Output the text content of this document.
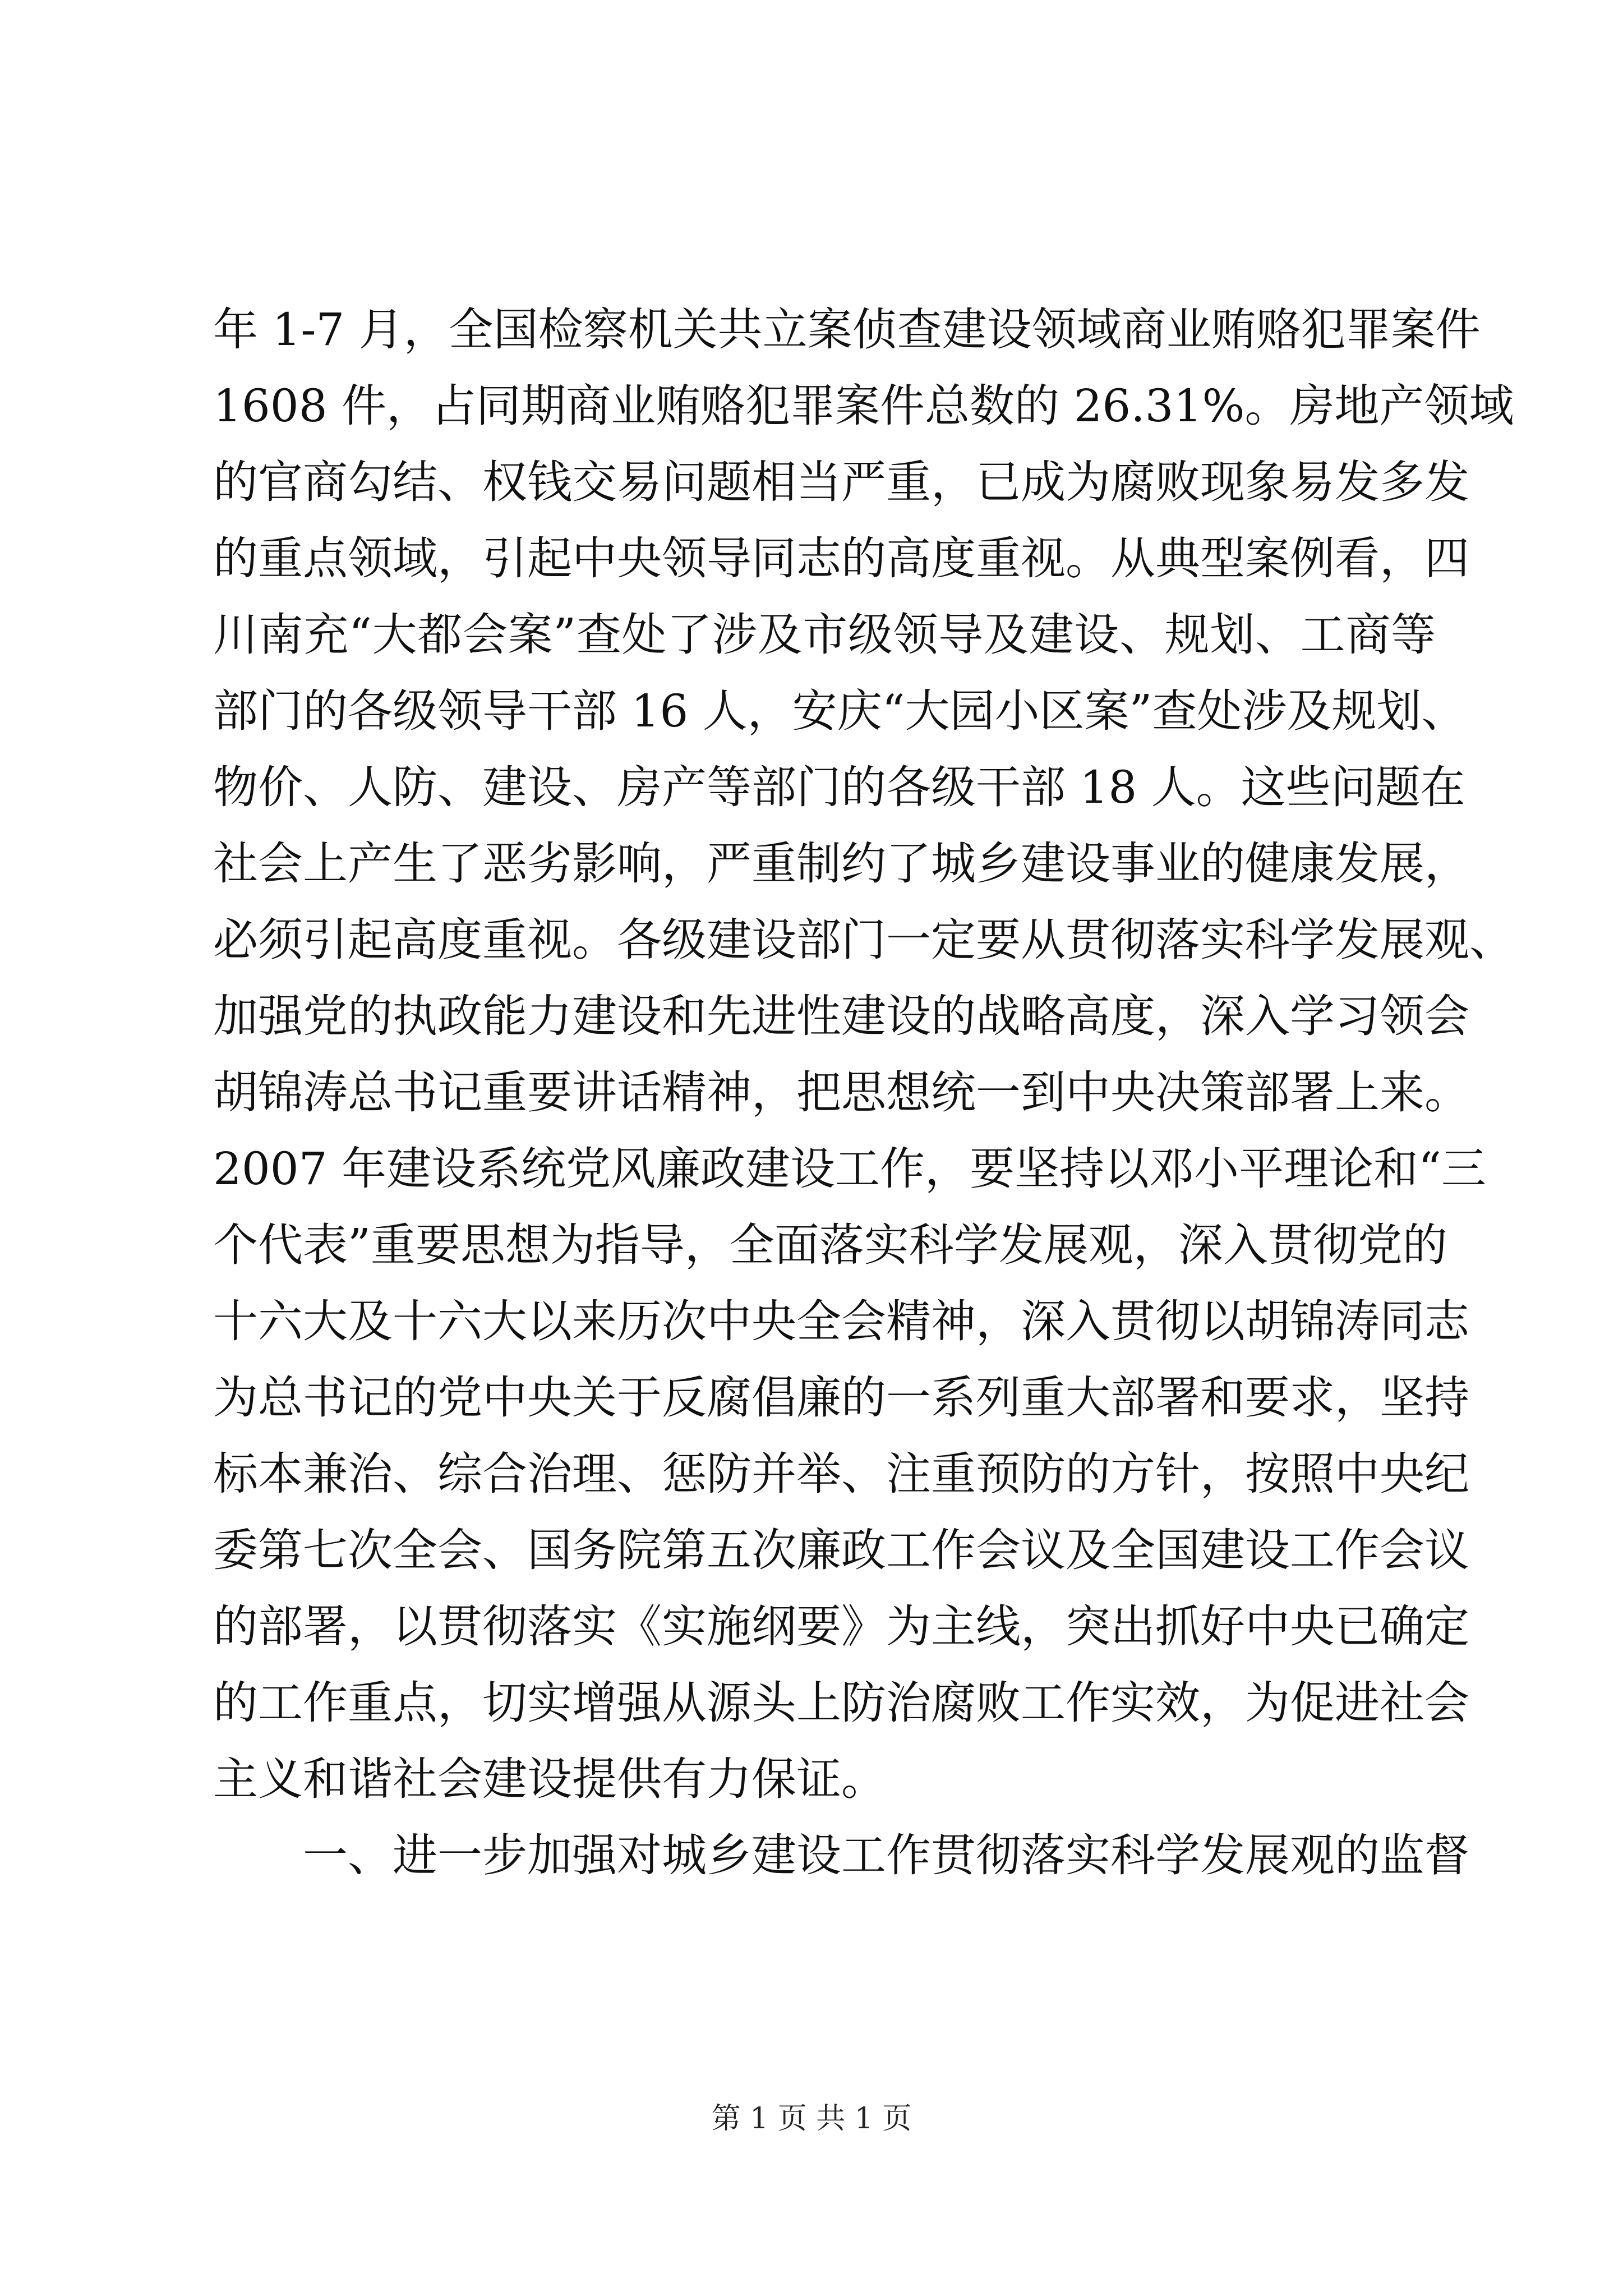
年 1-7 月，全国检察机关共立案侦查建设领域商业贿赂犯罪案件
1608 件，占同期商业贿赂犯罪案件总数的 26.31%。房地产领域
的官商勾结、权钱交易问题相当严重，已成为腐败现象易发多发
的重点领域，引起中央领导同志的高度重视。从典型案例看，四
川南充“大都会案”查处了涉及市级领导及建设、规划、工商等
部门的各级领导干部 16 人，安庆“大园小区案”查处涉及规划、
物价、人防、建设、房产等部门的各级干部 18 人。这些问题在
社会上产生了恶劣影响，严重制约了城乡建设事业的健康发展，
必须引起高度重视。各级建设部门一定要从贯彻落实科学发展观、
加强党的执政能力建设和先进性建设的战略高度，深入学习领会
胡锦涛总书记重要讲话精神，把思想统一到中央决策部署上来。
2007 年建设系统党风廉政建设工作，要坚持以邓小平理论和“三
个代表”重要思想为指导，全面落实科学发展观，深入贯彻党的
十六大及十六大以来历次中央全会精神，深入贯彻以胡锦涛同志
为总书记的党中央关于反腐倡廉的一系列重大部署和要求，坚持
标本兼治、综合治理、惩防并举、注重预防的方针，按照中央纪
委第七次全会、国务院第五次廉政工作会议及全国建设工作会议
的部署，以贯彻落实《实施纲要》为主线，突出抓好中央已确定
的工作重点，切实增强从源头上防治腐败工作实效，为促进社会
主义和谐社会建设提供有力保证。
一、进一步加强对城乡建设工作贯彻落实科学发展观的监督
第 1 页 共 1 页
